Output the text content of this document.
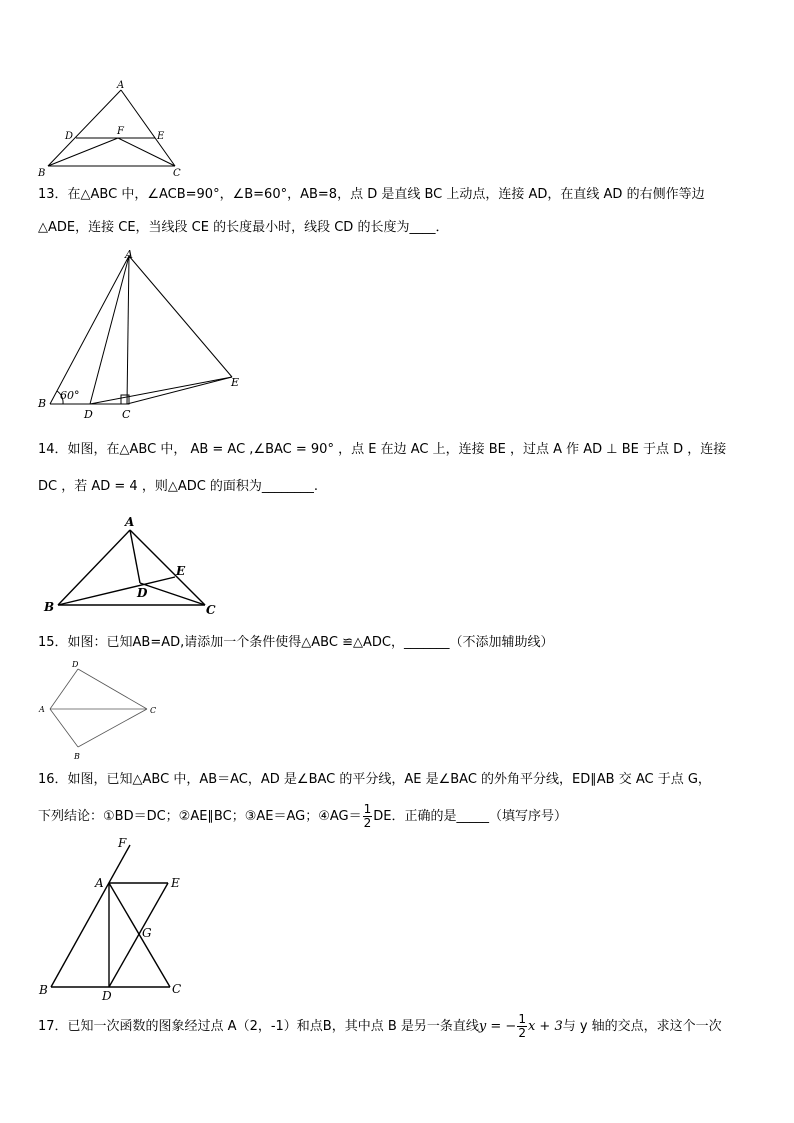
A
D	F	E
B	C
13．在△ABC 中，∠ACB=90°，∠B=60°，AB=8，点 D 是直线 BC 上动点，连接 AD，在直线 AD 的右侧作等边
△ADE，连接 CE，当线段 CE 的长度最小时，线段 CD 的长度为____．
A
B
60°
D	C
E
14．如图，在△ABC 中， AB = AC ,∠BAC = 90° ，点 E 在边 AC 上，连接 BE ，过点 A 作 AD ⊥ BE 于点 D ，连接
DC ，若 AD = 4 ，则△ADC 的面积为________.
A
E
D
B	C
15．如图：已知AB=AD,请添加一个条件使得△ABC ≌△ADC，_______（不添加辅助线）
D
A	C
B
16．如图，已知△ABC 中，AB＝AC，AD 是∠BAC 的平分线，AE 是∠BAC 的外角平分线，ED∥AB 交 AC 于点 G，
下列结论：①BD＝DC；②AE∥BC；③AE＝AG；④AG＝ $\frac{1}{2}$ DE．正确的是_____（填写序号）
F
A	E
G
B	D	C
17．已知一次函数的图象经过点 A（2，-1）和点B，其中点 B 是另一条直线y = − $\frac{1}{2}$ x + 3与 y 轴的交点，求这个一次
